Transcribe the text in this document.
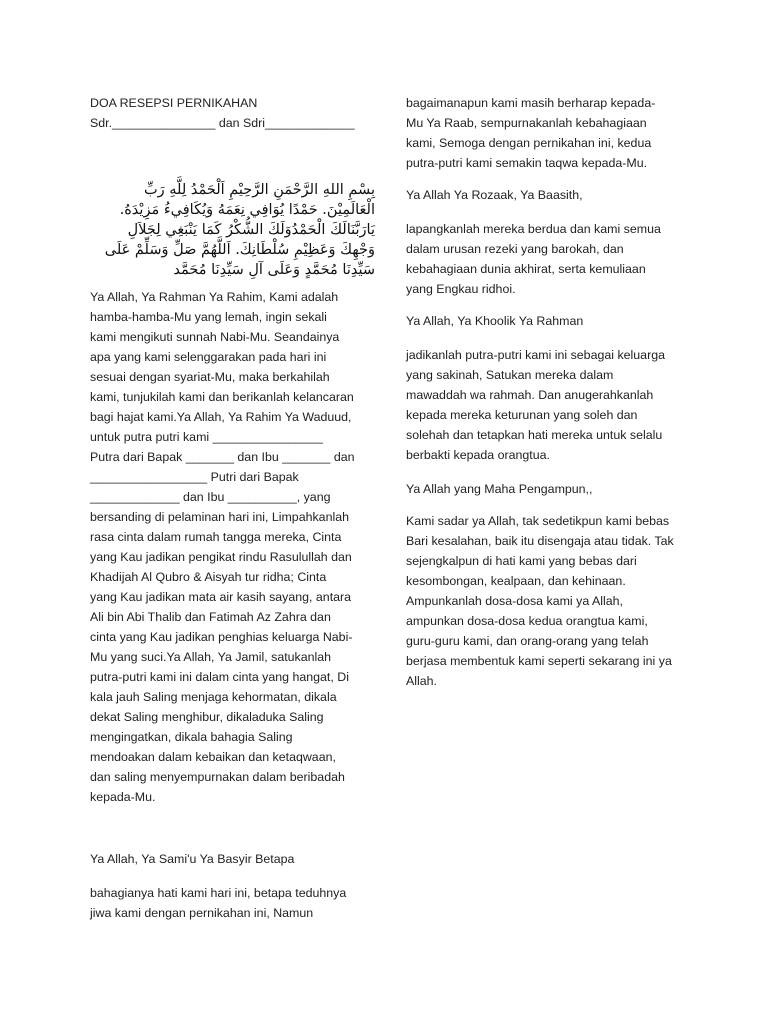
DOA RESEPSI PERNIKAHAN

Sdr._______________ dan Sdri_____________

Ya Allah, Ya Rahman Ya Rahim, Kami adalah
hamba-hamba-Mu yang lemah, ingin sekali
kami mengikuti sunnah Nabi-Mu. Seandainya
apa yang kami selenggarakan pada hari ini
sesuai dengan syariat-Mu, maka berkahilah
kami, tunjukilah kami dan berikanlah kelancaran
bagi hajat kami.Ya Allah, Ya Rahim Ya Waduud,
untuk putra putri kami ________________
Putra dari Bapak _______ dan Ibu _______ dan
_________________ Putri dari Bapak
_____________ dan Ibu __________, yang
bersanding di pelaminan hari ini, Limpahkanlah
rasa cinta dalam rumah tangga mereka, Cinta
yang Kau jadikan pengikat rindu Rasulullah dan
Khadijah Al Qubro & Aisyah tur ridha; Cinta
yang Kau jadikan mata air kasih sayang, antara
Ali bin Abi Thalib dan Fatimah Az Zahra dan
cinta yang Kau jadikan penghias keluarga Nabi-
Mu yang suci.Ya Allah, Ya Jamil, satukanlah
putra-putri kami ini dalam cinta yang hangat, Di
kala jauh Saling menjaga kehormatan, dikala
dekat Saling menghibur, dikaladuka Saling
mengingatkan, dikala bahagia Saling
mendoakan dalam kebaikan dan ketaqwaan,
dan saling menyempurnakan dalam beribadah
kepada-Mu.

Ya Allah, Ya Sami'u Ya Basyir Betapa

bahagianya hati kami hari ini, betapa teduhnya
jiwa kami dengan pernikahan ini, Namun

بِسْمِ اللهِ الرَّحْمَنِ الرَّحِيْمِ اَلْحَمْدُ لِلَّهِ رَبِّ الْعَالَمِيْنَ. حَمْدًا يُوَافِي نِعَمَهُ وَيُكَافِيءُ مَزِيْدَهُ. يَارَبَّنَالَكَ الْحَمْدُوَلَكَ الشُّكْرُ كَمَا يَنْبَغِي لِجَلاَلِ وَجْهِكَ وَعَظِيْمِ سُلْطَانِكَ. اَللَّهُمَّ صَلِّ وَسَلِّمْ عَلَى سَيِّدِنَا مُحَمَّدٍ وَعَلَى آلِ سَيِّدِنَا مُحَمَّد

bagaimanapun kami masih berharap kepada-
Mu Ya Raab, sempurnakanlah kebahagiaan
kami, Semoga dengan pernikahan ini, kedua
putra-putri kami semakin taqwa kepada-Mu.

Ya Allah Ya Rozaak, Ya Baasith,

lapangkanlah mereka berdua dan kami semua
dalam urusan rezeki yang barokah, dan
kebahagiaan dunia akhirat, serta kemuliaan
yang Engkau ridhoi.

Ya Allah, Ya Khoolik Ya Rahman

jadikanlah putra-putri kami ini sebagai keluarga
yang sakinah, Satukan mereka dalam
mawaddah wa rahmah. Dan anugerahkanlah
kepada mereka keturunan yang soleh dan
solehah dan tetapkan hati mereka untuk selalu
berbakti kepada orangtua.

Ya Allah yang Maha Pengampun,,

Kami sadar ya Allah, tak sedetikpun kami bebas
Bari kesalahan, baik itu disengaja atau tidak. Tak
sejengkalpun di hati kami yang bebas dari
kesombongan, kealpaan, dan kehinaan.
Ampunkanlah dosa-dosa kami ya Allah,
ampunkan dosa-dosa kedua orangtua kami,
guru-guru kami, dan orang-orang yang telah
berjasa membentuk kami seperti sekarang ini ya
Allah.
